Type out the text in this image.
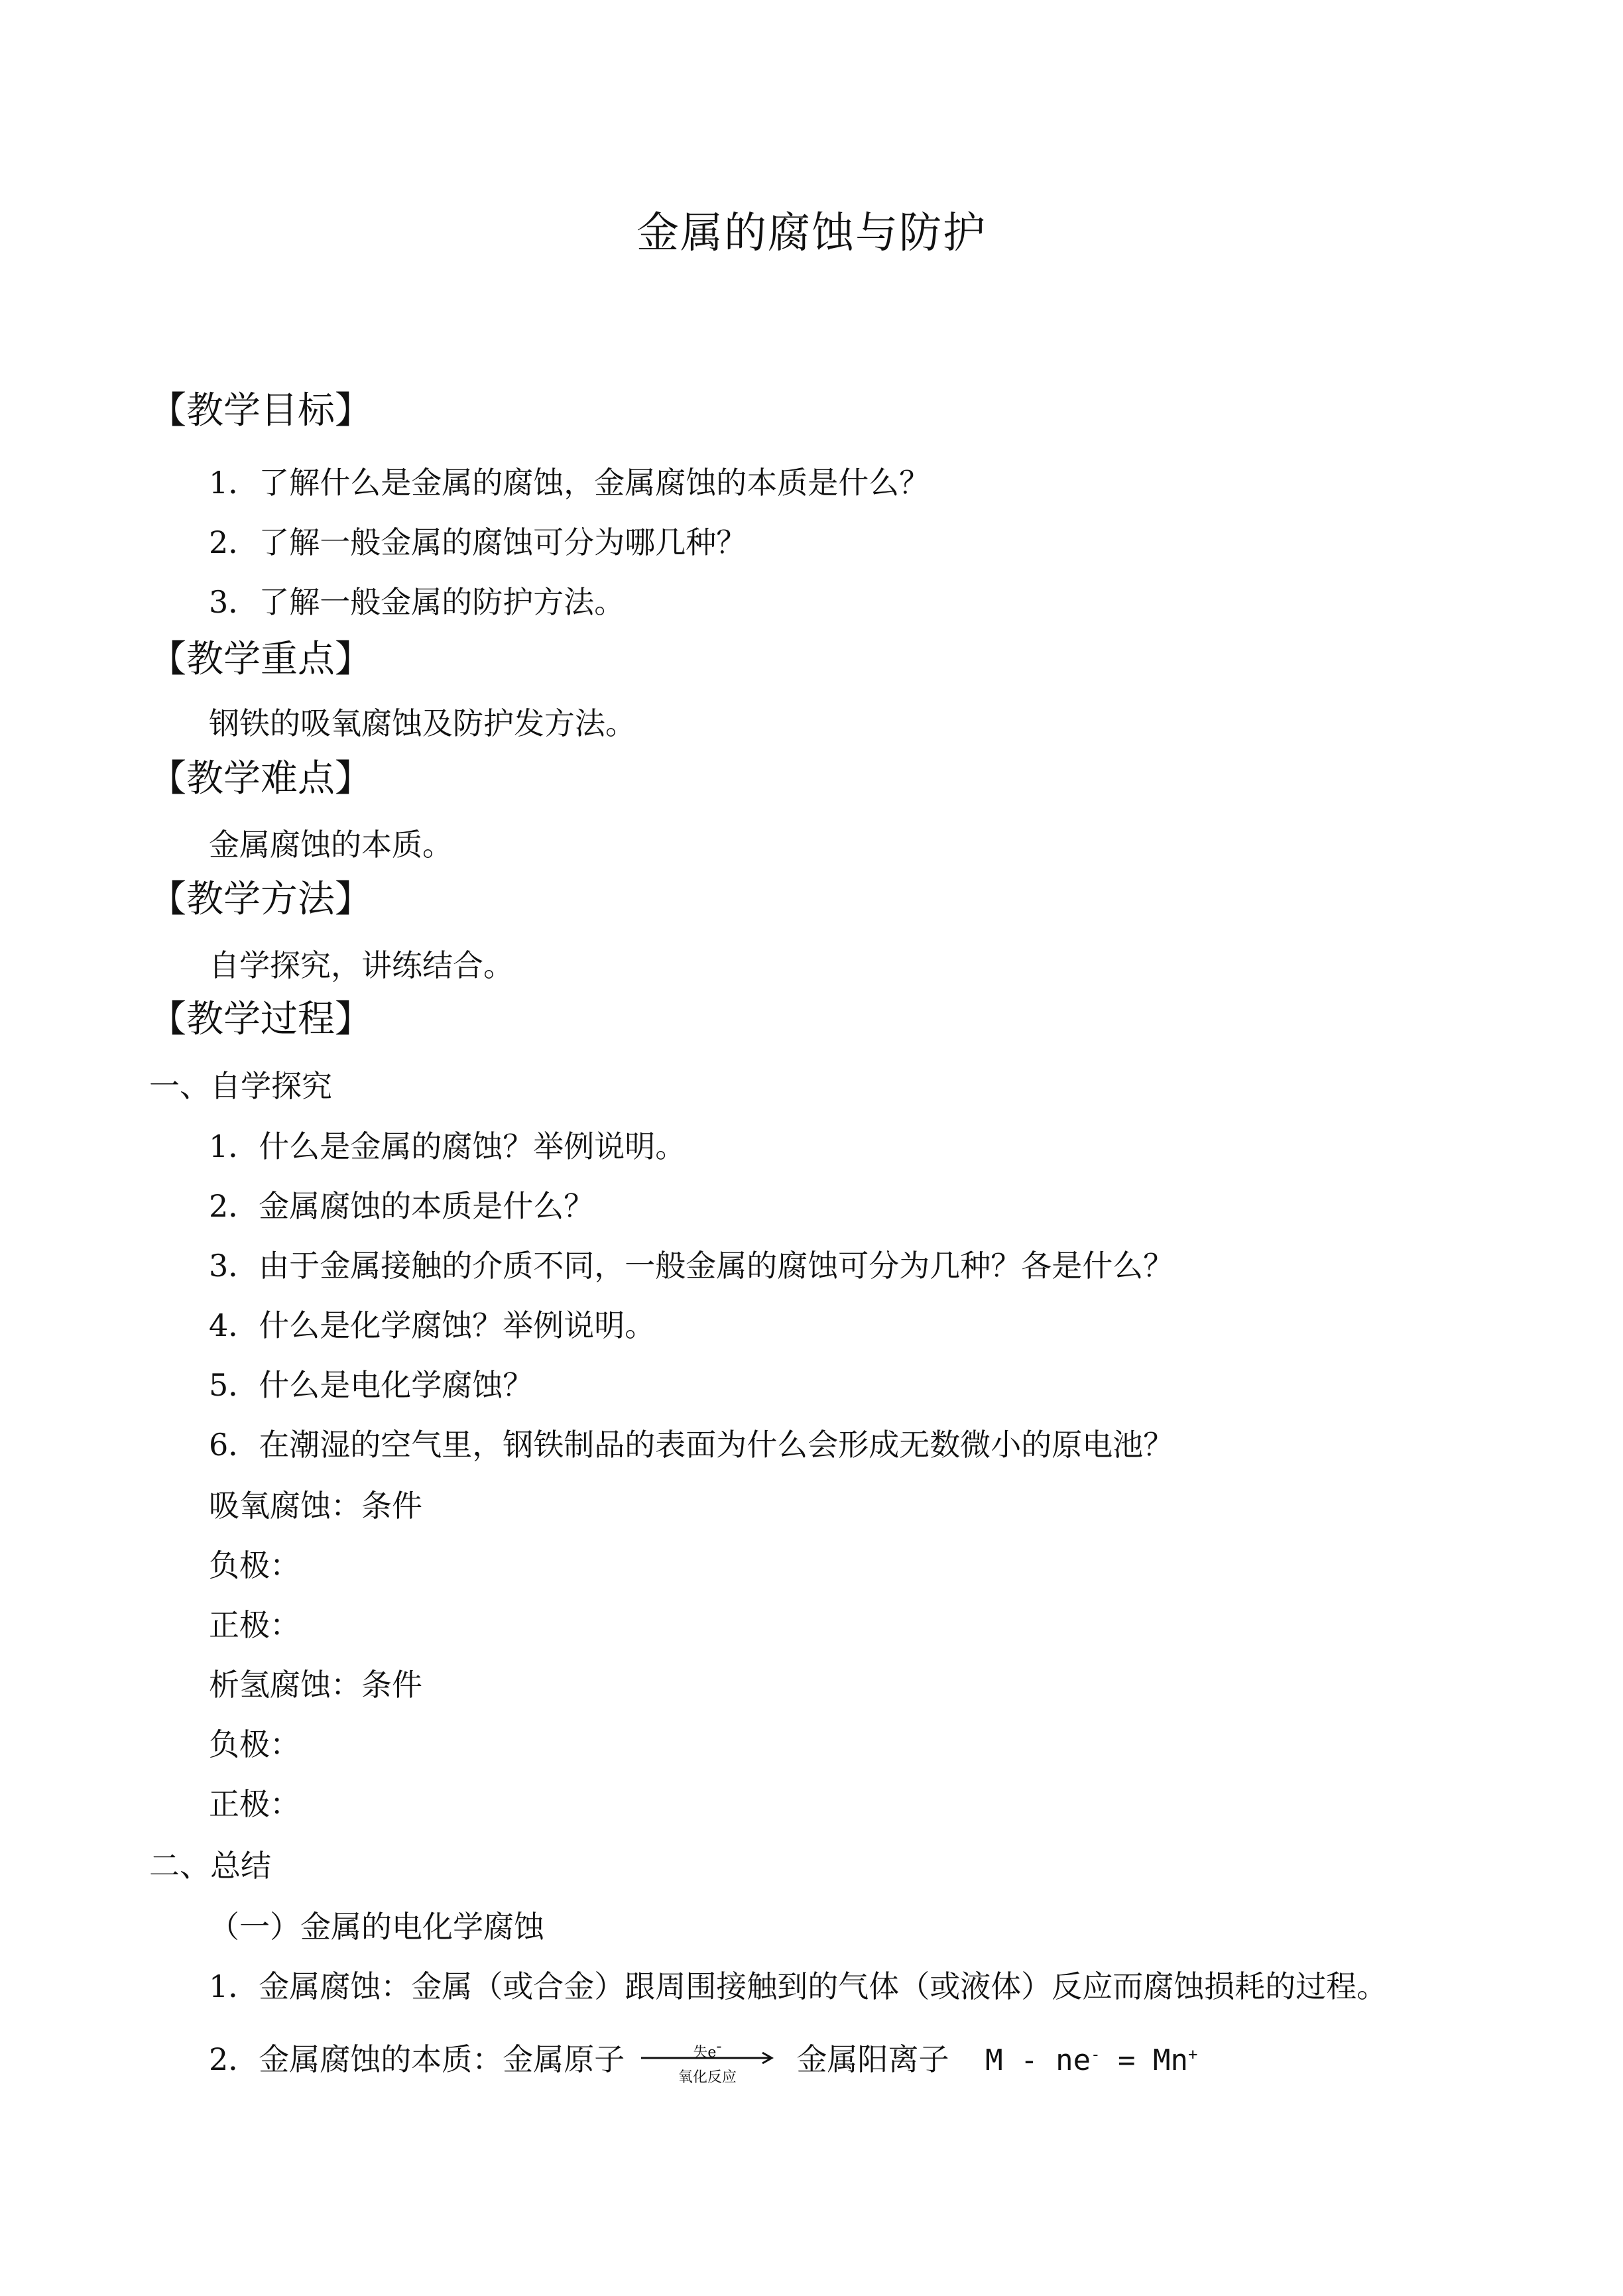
金属的腐蚀与防护
【教学目标】
1．了解什么是金属的腐蚀，金属腐蚀的本质是什么？
2．了解一般金属的腐蚀可分为哪几种？
3．了解一般金属的防护方法。
【教学重点】
钢铁的吸氧腐蚀及防护发方法。
【教学难点】
金属腐蚀的本质。
【教学方法】
自学探究，讲练结合。
【教学过程】
一、自学探究
1．什么是金属的腐蚀？举例说明。
2．金属腐蚀的本质是什么？
3．由于金属接触的介质不同，一般金属的腐蚀可分为几种？各是什么？
4．什么是化学腐蚀？举例说明。
5．什么是电化学腐蚀？
6．在潮湿的空气里，钢铁制品的表面为什么会形成无数微小的原电池？
吸氧腐蚀：条件
负极：
正极：
析氢腐蚀：条件
负极：
正极：
二、总结
（一）金属的电化学腐蚀
1．金属腐蚀：金属（或合金）跟周围接触到的气体（或液体）反应而腐蚀损耗的过程。
2．金属腐蚀的本质：金属原子	失e-
氧化反应
金属阳离子 M - ne- = Mn+
